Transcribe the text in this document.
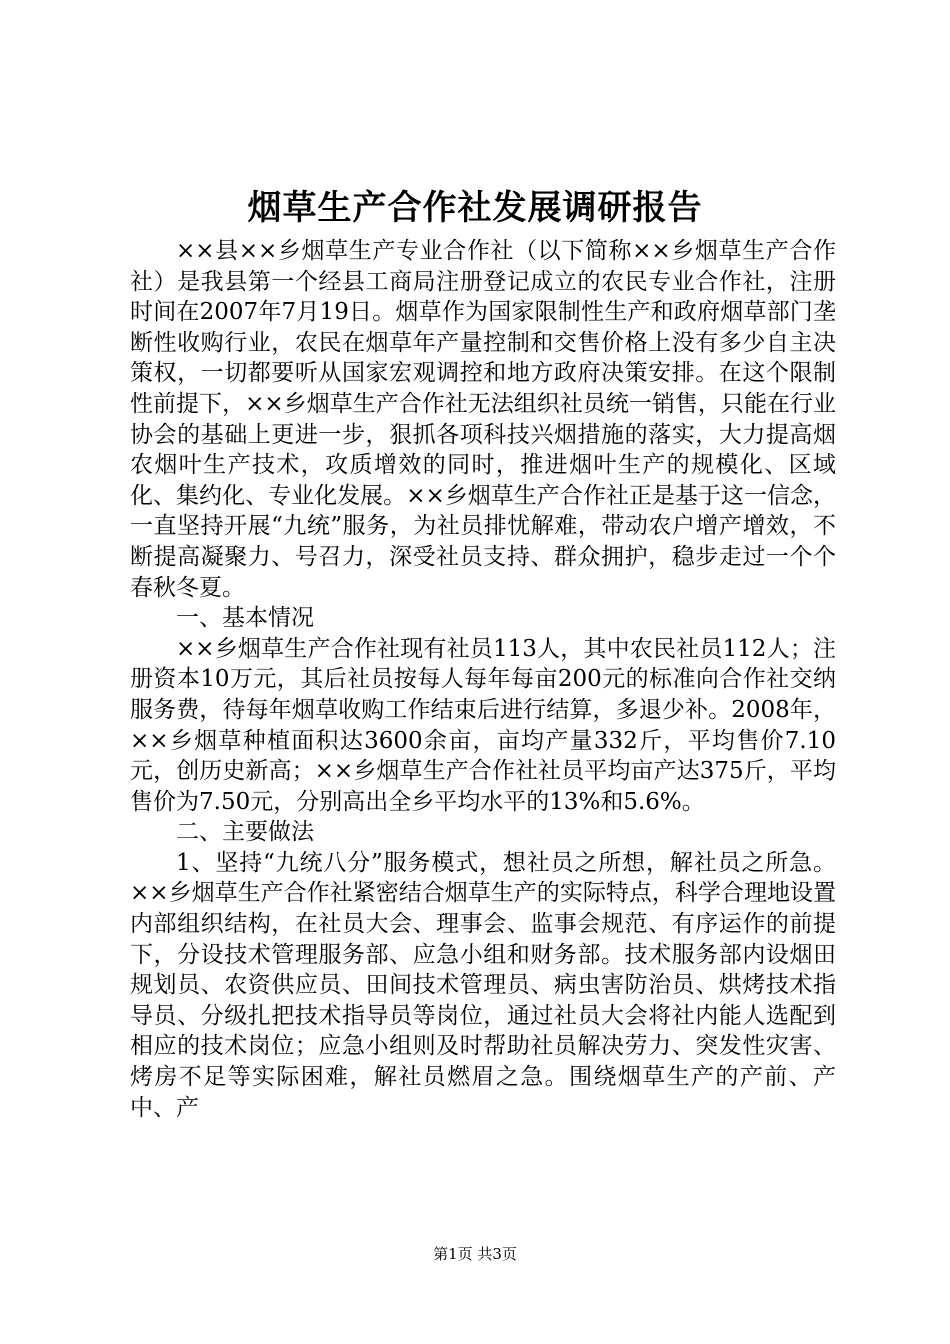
烟草生产合作社发展调研报告

××县××乡烟草生产专业合作社（以下简称××乡烟草生产合作社）是我县第一个经县工商局注册登记成立的农民专业合作社，注册时间在2007年7月19日。烟草作为国家限制性生产和政府烟草部门垄断性收购行业，农民在烟草年产量控制和交售价格上没有多少自主决策权，一切都要听从国家宏观调控和地方政府决策安排。在这个限制性前提下，××乡烟草生产合作社无法组织社员统一销售，只能在行业协会的基础上更进一步，狠抓各项科技兴烟措施的落实，大力提高烟农烟叶生产技术，攻质增效的同时，推进烟叶生产的规模化、区域化、集约化、专业化发展。××乡烟草生产合作社正是基于这一信念，一直坚持开展“九统”服务，为社员排忧解难，带动农户增产增效，不断提高凝聚力、号召力，深受社员支持、群众拥护，稳步走过一个个春秋冬夏。

一、基本情况

××乡烟草生产合作社现有社员113人，其中农民社员112人；注册资本10万元，其后社员按每人每年每亩200元的标准向合作社交纳服务费，待每年烟草收购工作结束后进行结算，多退少补。2008年，××乡烟草种植面积达3600余亩，亩均产量332斤，平均售价7.10元，创历史新高；××乡烟草生产合作社社员平均亩产达375斤，平均售价为7.50元，分别高出全乡平均水平的13%和5.6%。

二、主要做法

1、坚持“九统八分”服务模式，想社员之所想，解社员之所急。××乡烟草生产合作社紧密结合烟草生产的实际特点，科学合理地设置内部组织结构，在社员大会、理事会、监事会规范、有序运作的前提下，分设技术管理服务部、应急小组和财务部。技术服务部内设烟田规划员、农资供应员、田间技术管理员、病虫害防治员、烘烤技术指导员、分级扎把技术指导员等岗位，通过社员大会将社内能人选配到相应的技术岗位；应急小组则及时帮助社员解决劳力、突发性灾害、烤房不足等实际困难，解社员燃眉之急。围绕烟草生产的产前、产中、产

第1页 共3页
